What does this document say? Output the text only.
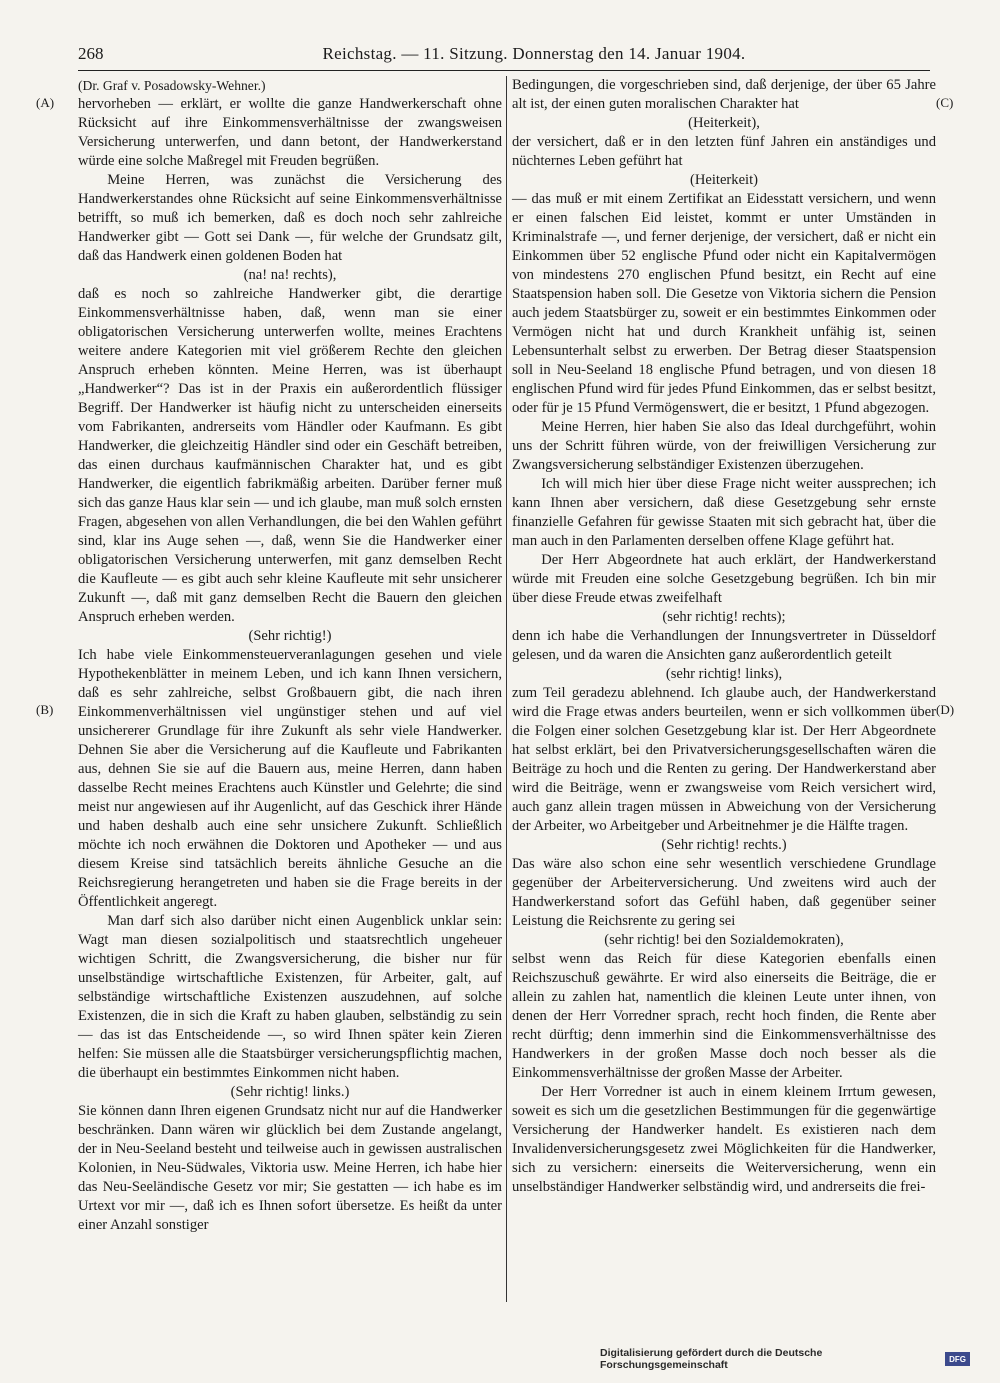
268	Reichstag. — 11. Sitzung. Donnerstag den 14. Januar 1904.
(A)
(B)
(C)
(D)

(Dr. Graf v. Posadowsky-Wehner.)

hervorheben — erklärt, er wollte die ganze Handwerkerschaft ohne Rücksicht auf ihre Einkommensverhältnisse der zwangsweisen Versicherung unterwerfen, und dann betont, der Handwerkerstand würde eine solche Maßregel mit Freuden begrüßen.

Meine Herren, was zunächst die Versicherung des Handwerkerstandes ohne Rücksicht auf seine Einkommensverhältnisse betrifft, so muß ich bemerken, daß es doch noch sehr zahlreiche Handwerker gibt — Gott sei Dank —, für welche der Grundsatz gilt, daß das Handwerk einen goldenen Boden hat

(na! na! rechts),

daß es noch so zahlreiche Handwerker gibt, die derartige Einkommensverhältnisse haben, daß, wenn man sie einer obligatorischen Versicherung unterwerfen wollte, meines Erachtens weitere andere Kategorien mit viel größerem Rechte den gleichen Anspruch erheben könnten. Meine Herren, was ist überhaupt „Handwerker“? Das ist in der Praxis ein außerordentlich flüssiger Begriff. Der Handwerker ist häufig nicht zu unterscheiden einerseits vom Fabrikanten, andrerseits vom Händler oder Kaufmann. Es gibt Handwerker, die gleichzeitig Händler sind oder ein Geschäft betreiben, das einen durchaus kaufmännischen Charakter hat, und es gibt Handwerker, die eigentlich fabrikmäßig arbeiten. Darüber ferner muß sich das ganze Haus klar sein — und ich glaube, man muß solch ernsten Fragen, abgesehen von allen Verhandlungen, die bei den Wahlen geführt sind, klar ins Auge sehen —, daß, wenn Sie die Handwerker einer obligatorischen Versicherung unterwerfen, mit ganz demselben Recht die Kaufleute — es gibt auch sehr kleine Kaufleute mit sehr unsicherer Zukunft —, daß mit ganz demselben Recht die Bauern den gleichen Anspruch erheben werden.

(Sehr richtig!)

Ich habe viele Einkommensteuerveranlagungen gesehen und viele Hypothekenblätter in meinem Leben, und ich kann Ihnen versichern, daß es sehr zahlreiche, selbst Großbauern gibt, die nach ihren Einkommenverhältnissen viel ungünstiger stehen und auf viel unsichererer Grundlage für ihre Zukunft als sehr viele Handwerker. Dehnen Sie aber die Versicherung auf die Kaufleute und Fabrikanten aus, dehnen Sie sie auf die Bauern aus, meine Herren, dann haben dasselbe Recht meines Erachtens auch Künstler und Gelehrte; die sind meist nur angewiesen auf ihr Augenlicht, auf das Geschick ihrer Hände und haben deshalb auch eine sehr unsichere Zukunft. Schließlich möchte ich noch erwähnen die Doktoren und Apotheker — und aus diesem Kreise sind tatsächlich bereits ähnliche Gesuche an die Reichsregierung herangetreten und haben sie die Frage bereits in der Öffentlichkeit angeregt.

Man darf sich also darüber nicht einen Augenblick unklar sein: Wagt man diesen sozialpolitisch und staatsrechtlich ungeheuer wichtigen Schritt, die Zwangsversicherung, die bisher nur für unselbständige wirtschaftliche Existenzen, für Arbeiter, galt, auf selbständige wirtschaftliche Existenzen auszudehnen, auf solche Existenzen, die in sich die Kraft zu haben glauben, selbständig zu sein — das ist das Entscheidende —, so wird Ihnen später kein Zieren helfen: Sie müssen alle die Staatsbürger versicherungspflichtig machen, die überhaupt ein bestimmtes Einkommen nicht haben.

(Sehr richtig! links.)

Sie können dann Ihren eigenen Grundsatz nicht nur auf die Handwerker beschränken. Dann wären wir glücklich bei dem Zustande angelangt, der in Neu-Seeland besteht und teilweise auch in gewissen australischen Kolonien, in Neu-Südwales, Viktoria usw. Meine Herren, ich habe hier das Neu-Seeländische Gesetz vor mir; Sie gestatten — ich habe es im Urtext vor mir —, daß ich es Ihnen sofort übersetze. Es heißt da unter einer Anzahl sonstiger

Bedingungen, die vorgeschrieben sind, daß derjenige, der über 65 Jahre alt ist, der einen guten moralischen Charakter hat

(Heiterkeit),

der versichert, daß er in den letzten fünf Jahren ein anständiges und nüchternes Leben geführt hat

(Heiterkeit)

— das muß er mit einem Zertifikat an Eidesstatt versichern, und wenn er einen falschen Eid leistet, kommt er unter Umständen in Kriminalstrafe —, und ferner derjenige, der versichert, daß er nicht ein Einkommen über 52 englische Pfund oder nicht ein Kapitalvermögen von mindestens 270 englischen Pfund besitzt, ein Recht auf eine Staatspension haben soll. Die Gesetze von Viktoria sichern die Pension auch jedem Staatsbürger zu, soweit er ein bestimmtes Einkommen oder Vermögen nicht hat und durch Krankheit unfähig ist, seinen Lebensunterhalt selbst zu erwerben. Der Betrag dieser Staatspension soll in Neu-Seeland 18 englische Pfund betragen, und von diesen 18 englischen Pfund wird für jedes Pfund Einkommen, das er selbst besitzt, oder für je 15 Pfund Vermögenswert, die er besitzt, 1 Pfund abgezogen.

Meine Herren, hier haben Sie also das Ideal durchgeführt, wohin uns der Schritt führen würde, von der freiwilligen Versicherung zur Zwangsversicherung selbständiger Existenzen überzugehen.

Ich will mich hier über diese Frage nicht weiter aussprechen; ich kann Ihnen aber versichern, daß diese Gesetzgebung sehr ernste finanzielle Gefahren für gewisse Staaten mit sich gebracht hat, über die man auch in den Parlamenten derselben offene Klage geführt hat.

Der Herr Abgeordnete hat auch erklärt, der Handwerkerstand würde mit Freuden eine solche Gesetzgebung begrüßen. Ich bin mir über diese Freude etwas zweifelhaft

(sehr richtig! rechts);

denn ich habe die Verhandlungen der Innungsvertreter in Düsseldorf gelesen, und da waren die Ansichten ganz außerordentlich geteilt

(sehr richtig! links),

zum Teil geradezu ablehnend. Ich glaube auch, der Handwerkerstand wird die Frage etwas anders beurteilen, wenn er sich vollkommen über die Folgen einer solchen Gesetzgebung klar ist. Der Herr Abgeordnete hat selbst erklärt, bei den Privatversicherungsgesellschaften wären die Beiträge zu hoch und die Renten zu gering. Der Handwerkerstand aber wird die Beiträge, wenn er zwangsweise vom Reich versichert wird, auch ganz allein tragen müssen in Abweichung von der Versicherung der Arbeiter, wo Arbeitgeber und Arbeitnehmer je die Hälfte tragen.

(Sehr richtig! rechts.)

Das wäre also schon eine sehr wesentlich verschiedene Grundlage gegenüber der Arbeiterversicherung. Und zweitens wird auch der Handwerkerstand sofort das Gefühl haben, daß gegenüber seiner Leistung die Reichsrente zu gering sei

(sehr richtig! bei den Sozialdemokraten),

selbst wenn das Reich für diese Kategorien ebenfalls einen Reichszuschuß gewährte. Er wird also einerseits die Beiträge, die er allein zu zahlen hat, namentlich die kleinen Leute unter ihnen, von denen der Herr Vorredner sprach, recht hoch finden, die Rente aber recht dürftig; denn immerhin sind die Einkommensverhältnisse des Handwerkers in der großen Masse doch noch besser als die Einkommensverhältnisse der großen Masse der Arbeiter.

Der Herr Vorredner ist auch in einem kleinem Irrtum gewesen, soweit es sich um die gesetzlichen Bestimmungen für die gegenwärtige Versicherung der Handwerker handelt. Es existieren nach dem Invalidenversicherungsgesetz zwei Möglichkeiten für die Handwerker, sich zu versichern: einerseits die Weiterversicherung, wenn ein unselbständiger Handwerker selbständig wird, und andrerseits die frei-

Digitalisierung gefördert durch die Deutsche Forschungsgemeinschaft	DFG
